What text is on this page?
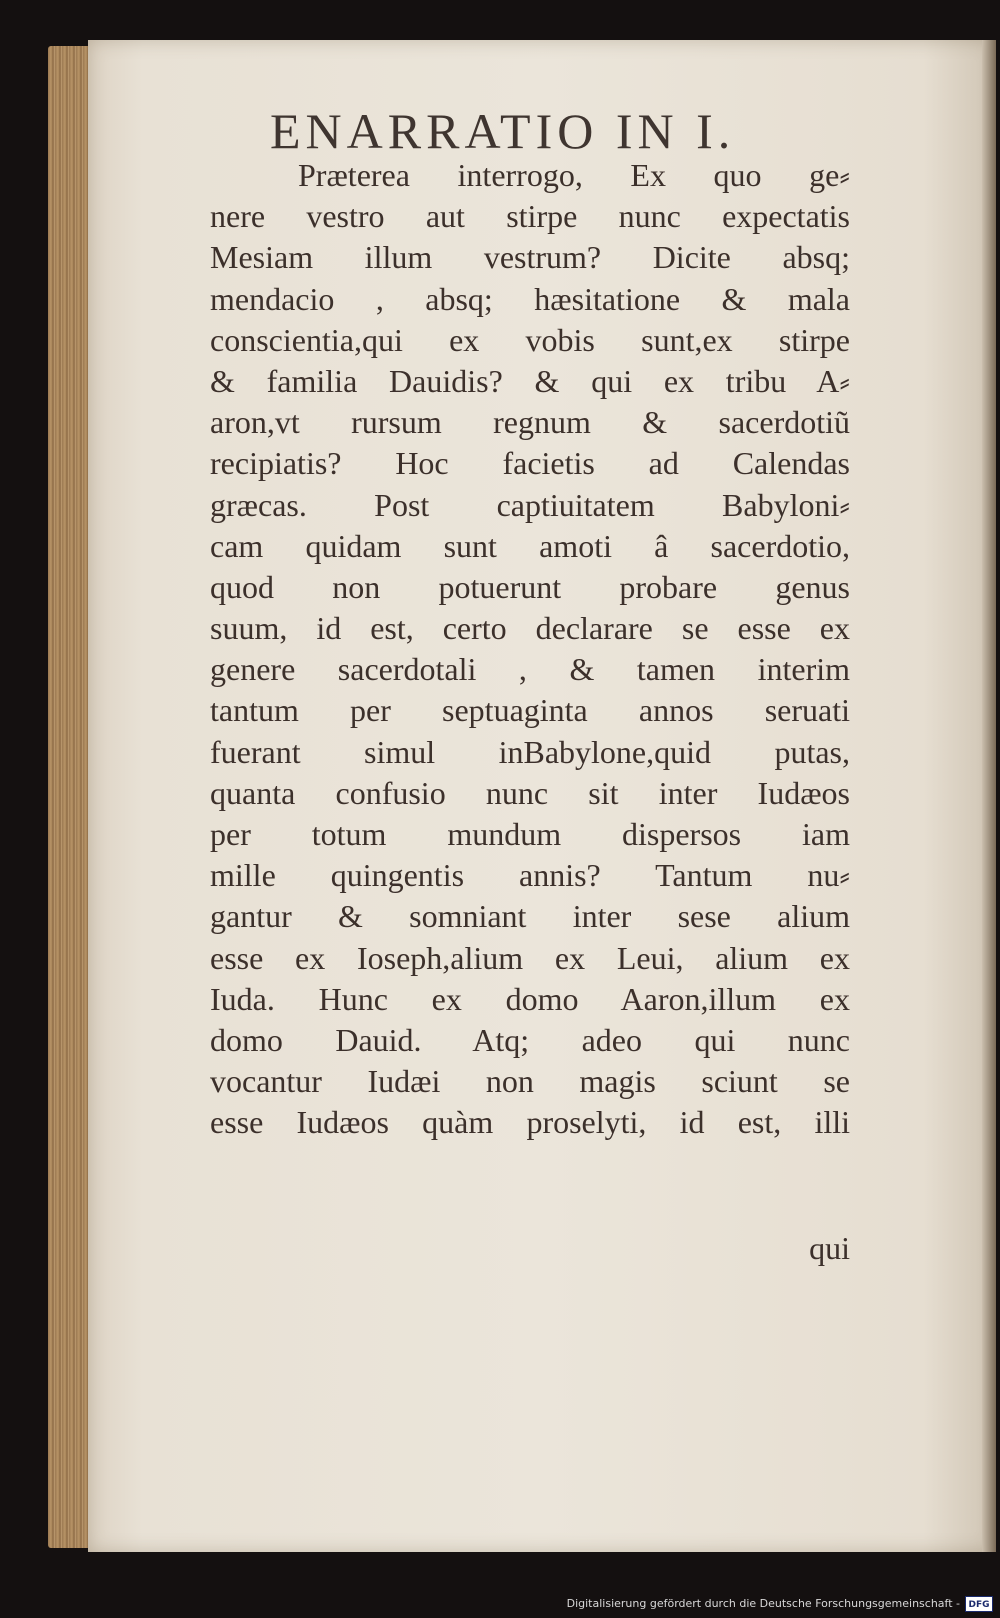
ENARRATIO IN I.
Præterea interrogo, Ex quo ge⸗
nere vestro aut stirpe nunc expectatis
Mesiam illum vestrum? Dicite absq;
mendacio , absq; hæsitatione & mala
conscientia,qui ex vobis sunt,ex stirpe
& familia Dauidis? & qui ex tribu A⸗
aron,vt rursum regnum & sacerdotiũ
recipiatis? Hoc facietis ad Calendas
græcas. Post captiuitatem Babyloni⸗
cam quidam sunt amoti â sacerdotio,
quod non potuerunt probare genus
suum, id est, certo declarare se esse ex
genere sacerdotali , & tamen interim
tantum per septuaginta annos seruati
fuerant simul inBabylone,quid putas,
quanta confusio nunc sit inter Iudæos
per totum mundum dispersos iam
mille quingentis annis? Tantum nu⸗
gantur & somniant inter sese alium
esse ex Ioseph,alium ex Leui, alium ex
Iuda. Hunc ex domo Aaron,illum ex
domo Dauid. Atq; adeo qui nunc
vocantur Iudæi non magis sciunt se
esse Iudæos quàm proselyti, id est, illi
qui
Digitalisierung gefördert durch die Deutsche Forschungsgemeinschaft - DFG
